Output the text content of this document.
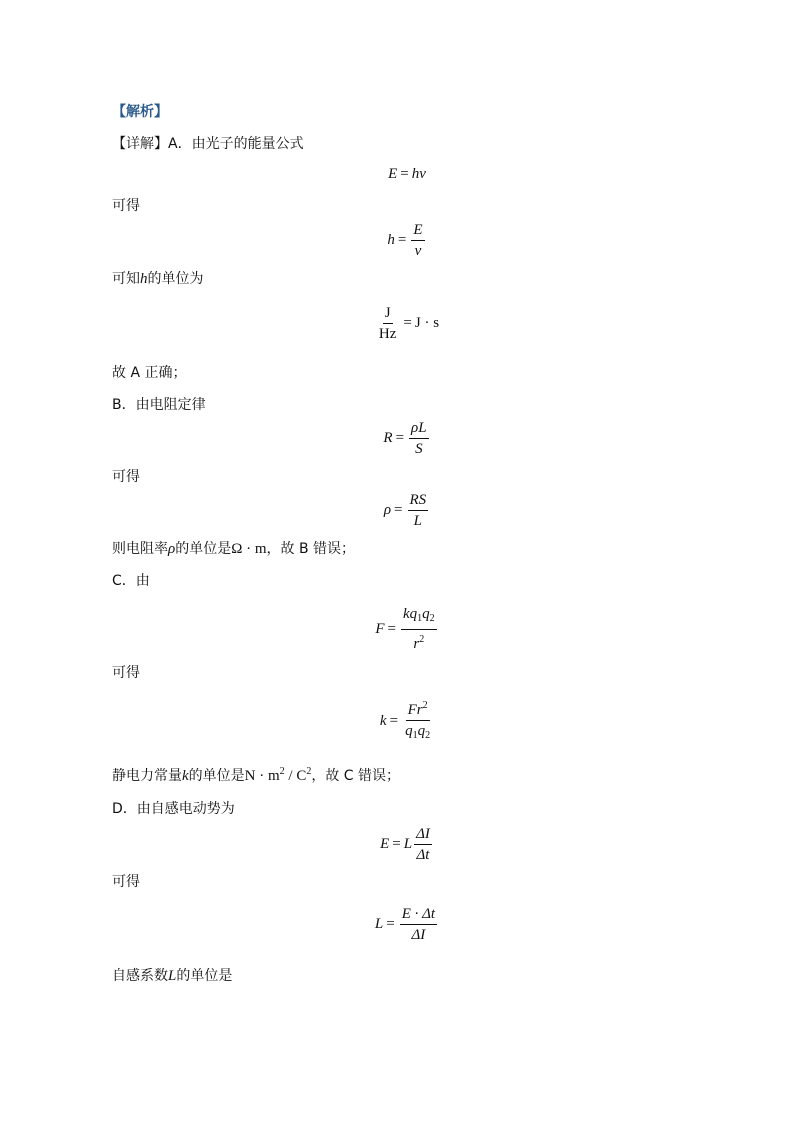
【解析】
【详解】A．由光子的能量公式
E = hν
可得
$h = \frac{E}{\nu}$
可知h的单位为
$\frac{J}{Hz} = J \cdot s$
故 A 正确；
B．由电阻定律
$R = \frac{\rho L}{S}$
可得
$\rho = \frac{RS}{L}$
则电阻率ρ的单位是Ω · m，故 B 错误；
C．由
$F = \frac{kq_1q_2}{r^2}$
可得
$k = \frac{Fr^2}{q_1q_2}$
静电力常量k的单位是$N \cdot m^2 / C^2$，故 C 错误；
D．由自感电动势为
E = L $\frac{\Delta I}{\Delta t}$
可得
$L = \frac{E \cdot \Delta t}{\Delta I}$
自感系数L的单位是
